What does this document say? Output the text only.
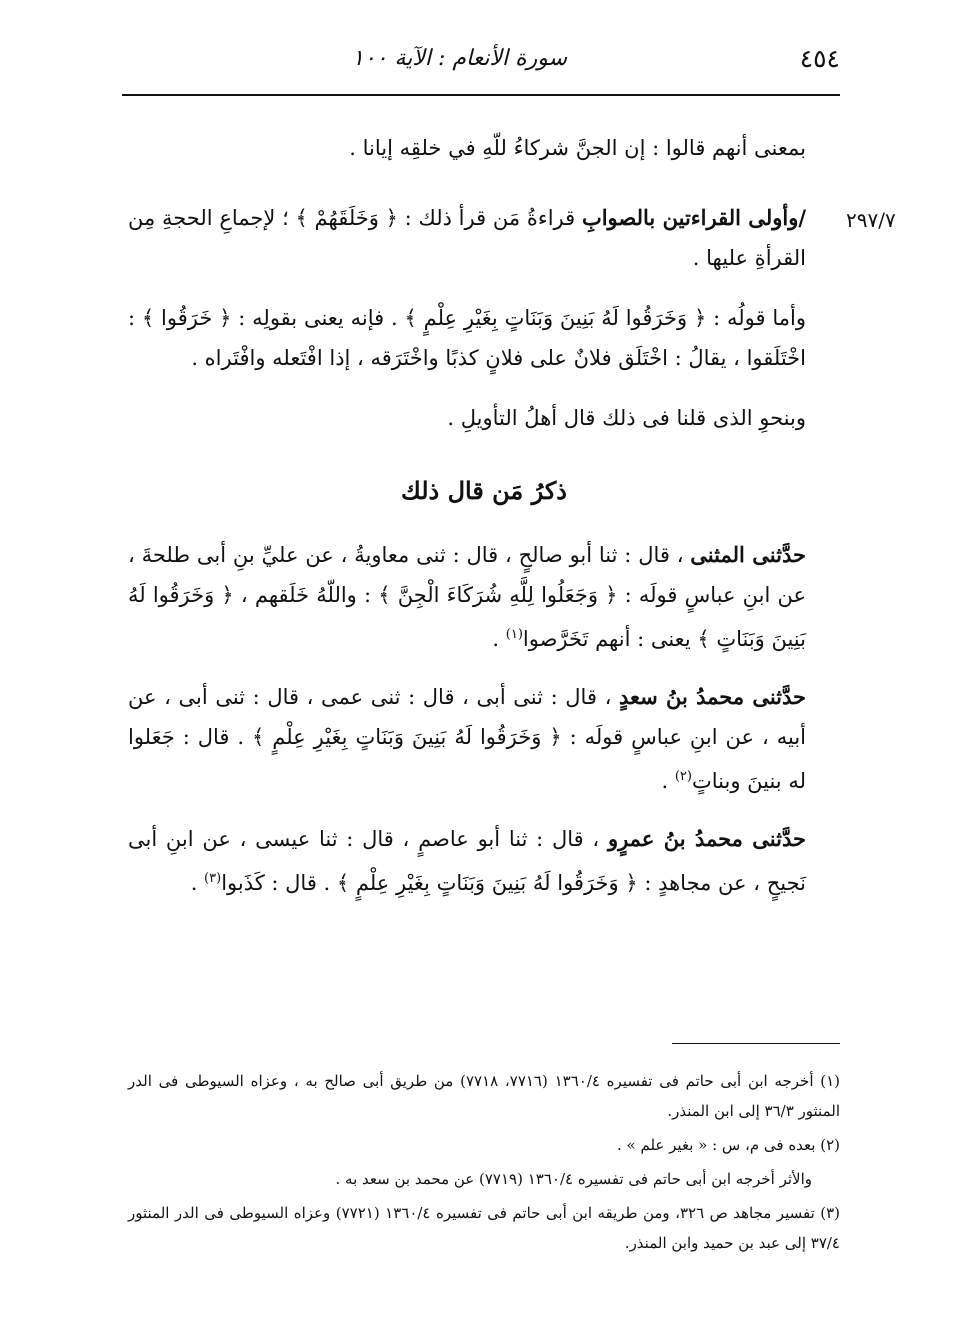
٤٥٤
سورة الأنعام : الآية ١٠٠
٢٩٧/٧

بمعنى أنهم قالوا : إن الجنَّ شركاءُ للّهِ في خلقِه إيانا .

/وأولى القراءتين بالصوابِ قراءةُ مَن قرأ ذلك : ﴿ وَخَلَقَهُمْ ﴾ ؛ لإجماعِ الحجةِ مِن القرأةِ عليها .

وأما قولُه : ﴿ وَخَرَقُوا لَهُ بَنِينَ وَبَنَاتٍ بِغَيْرِ عِلْمٍ ﴾ . فإنه يعنى بقولِه : ﴿ خَرَقُوا ﴾ : اخْتَلَقوا ، يقالُ : اخْتَلَق فلانٌ على فلانٍ كذبًا واخْتَرَقه ، إذا افْتَعله وافْتَراه .

وبنحوِ الذى قلنا فى ذلك قال أهلُ التأويلِ .

ذكرُ مَن قال ذلك

حدَّثنى المثنى ، قال : ثنا أبو صالحٍ ، قال : ثنى معاويةُ ، عن عليِّ بنِ أبى طلحةَ ، عن ابنِ عباسٍ قولَه : ﴿ وَجَعَلُوا لِلَّهِ شُرَكَاءَ الْجِنَّ ﴾ : واللّهُ خَلَقهم ، ﴿ وَخَرَقُوا لَهُ بَنِينَ وَبَنَاتٍ ﴾ يعنى : أنهم تَخَرَّصوا$^{(١)}$ .

حدَّثنى محمدُ بنُ سعدٍ ، قال : ثنى أبى ، قال : ثنى عمى ، قال : ثنى أبى ، عن أبيه ، عن ابنِ عباسٍ قولَه : ﴿ وَخَرَقُوا لَهُ بَنِينَ وَبَنَاتٍ بِغَيْرِ عِلْمٍ ﴾ . قال : جَعَلوا له بنينَ وبناتٍ$^{(٢)}$ .

حدَّثنى محمدُ بنُ عمرٍو ، قال : ثنا أبو عاصمٍ ، قال : ثنا عيسى ، عن ابنِ أبى نَجيحٍ ، عن مجاهدٍ : ﴿ وَخَرَقُوا لَهُ بَنِينَ وَبَنَاتٍ بِغَيْرِ عِلْمٍ ﴾ . قال : كَذَبوا$^{(٣)}$ .

(١) أخرجه ابن أبى حاتم فى تفسيره ١٣٦٠/٤ (٧٧١٦، ٧٧١٨) من طريق أبى صالح به ، وعزاه السيوطى فى الدر المنثور ٣٦/٣ إلى ابن المنذر.

(٢) بعده فى م، س : « بغير علم » .

والأثر أخرجه ابن أبى حاتم فى تفسيره ١٣٦٠/٤ (٧٧١٩) عن محمد بن سعد به .

(٣) تفسير مجاهد ص ٣٢٦، ومن طريقه ابن أبى حاتم فى تفسيره ١٣٦٠/٤ (٧٧٢١) وعزاه السيوطى فى الدر المنثور ٣٧/٤ إلى عبد بن حميد وابن المنذر.
